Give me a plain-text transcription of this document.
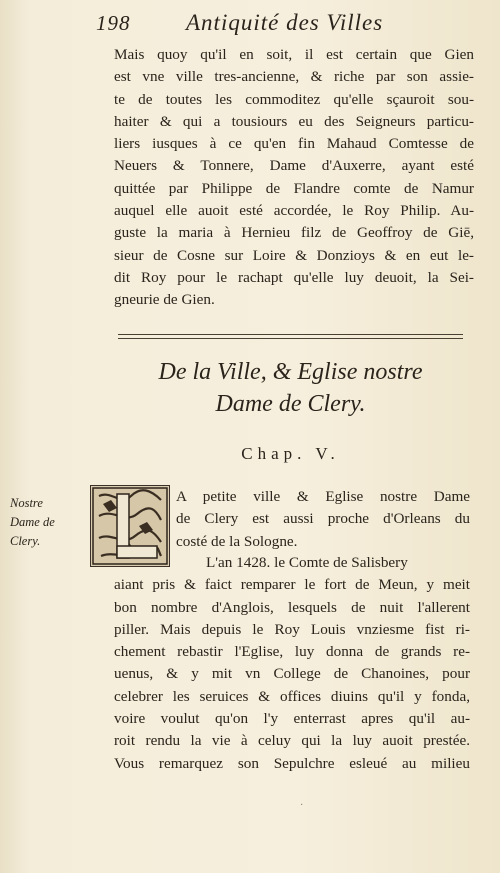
198	Antiquité des Villes
Mais quoy qu'il en soit, il est certain que Gien
est vne ville tres-ancienne, & riche par son assie-
te de toutes les commoditez qu'elle sçauroit sou-
haiter & qui a tousiours eu des Seigneurs particu-
liers iusques à ce qu'en fin Mahaud Comtesse de
Neuers & Tonnere, Dame d'Auxerre, ayant esté
quittée par Philippe de Flandre comte de Namur
auquel elle auoit esté accordée, le Roy Philip. Au-
guste la maria à Hernieu filz de Geoffroy de Giē,
sieur de Cosne sur Loire & Donzioys & en eut le-
dit Roy pour le rachapt qu'elle luy deuoit, la Sei-
gneurie de Gien.
De la Ville, & Eglise nostre
Dame de Clery.
Chap. V.
Nostre
Dame de
Clery.
A petite ville & Eglise nostre Dame
de Clery est aussi proche d'Orleans du
costé de la Sologne.
L'an 1428. le Comte de Salisbery
aiant pris & faict remparer le fort de Meun, y meit
bon nombre d'Anglois, lesquels de nuit l'allerent
piller. Mais depuis le Roy Louis vnziesme fist ri-
chement rebastir l'Eglise, luy donna de grands re-
uenus, & y mit vn College de Chanoines, pour
celebrer les seruices & offices diuins qu'il y fonda,
voire voulut qu'on l'y enterrast apres qu'il au-
roit rendu la vie à celuy qui la luy auoit prestée.
Vous remarquez son Sepulchre esleué au milieu
·
